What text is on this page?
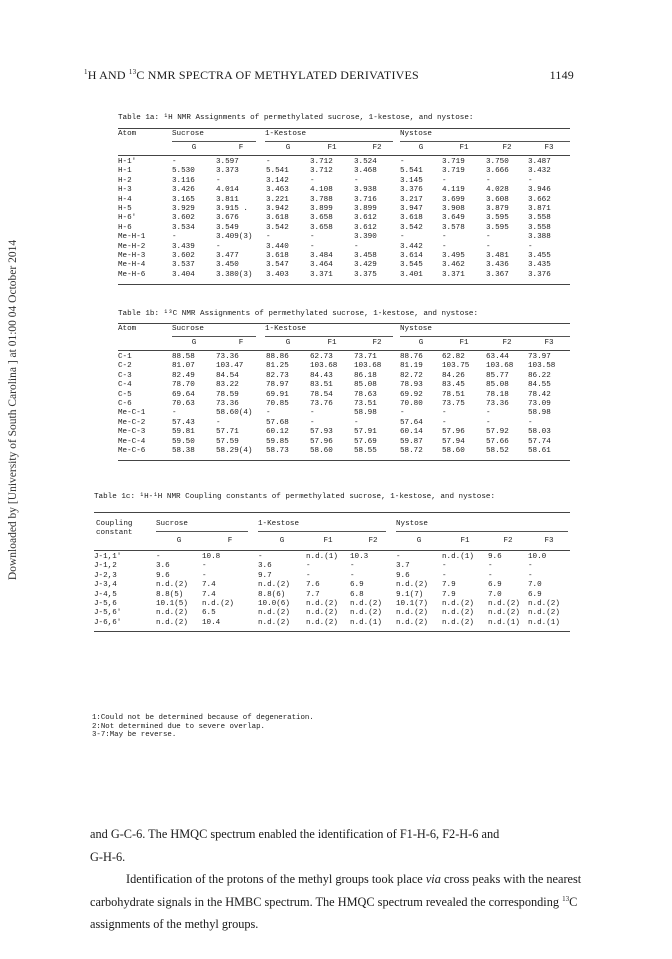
$^1$H AND $^{13}$C NMR SPECTRA OF METHYLATED DERIVATIVES	1149
Downloaded by [University of South Carolina ] at 01:00 04 October 2014
Table 1a: ¹H NMR Assignments of permethylated sucrose, 1-kestose, and nystose:
Atom	Sucrose	1-Kestose	Nystose
	G	F	G	F1	F2	G	F1	F2	F3
H-1'	-	3.597	-	3.712	3.524	-	3.719	3.750	3.487
H-1	5.530	3.373	5.541	3.712	3.468	5.541	3.719	3.666	3.432
H-2	3.116	-	3.142	-	-	3.145	-	-	-
H-3	3.426	4.014	3.463	4.108	3.938	3.376	4.119	4.028	3.946
H-4	3.165	3.811	3.221	3.788	3.716	3.217	3.699	3.608	3.662
H-5	3.929	3.915 .	3.942	3.899	3.899	3.947	3.908	3.879	3.871
H-6'	3.602	3.676	3.618	3.658	3.612	3.618	3.649	3.595	3.558
H-6	3.534	3.549	3.542	3.658	3.612	3.542	3.578	3.595	3.558
Me-H-1	-	3.409(3)	-	-	3.390	-	-	-	3.388
Me-H-2	3.439	-	3.440	-	-	3.442	-	-	-
Me-H-3	3.602	3.477	3.618	3.484	3.458	3.614	3.495	3.481	3.455
Me-H-4	3.537	3.450	3.547	3.464	3.429	3.545	3.462	3.436	3.435
Me-H-6	3.404	3.380(3)	3.403	3.371	3.375	3.401	3.371	3.367	3.376
Table 1b: ¹³C NMR Assignments of permethylated sucrose, 1-kestose, and nystose:
Atom	Sucrose	1-Kestose	Nystose
	G	F	G	F1	F2	G	F1	F2	F3
C-1	88.58	73.36	88.86	62.73	73.71	88.76	62.82	63.44	73.97
C-2	81.07	103.47	81.25	103.68	103.68	81.19	103.75	103.68	103.58
C-3	82.49	84.54	82.73	84.43	86.18	82.72	84.26	85.77	86.22
C-4	78.70	83.22	78.97	83.51	85.08	78.93	83.45	85.08	84.55
C-5	69.64	78.59	69.91	78.54	78.63	69.92	78.51	78.18	78.42
C-6	70.63	73.36	70.85	73.76	73.51	70.80	73.75	73.36	73.09
Me-C-1	-	58.60(4)	-	-	58.98	-	-	-	58.98
Me-C-2	57.43	-	57.68	-	-	57.64	-	-	-
Me-C-3	59.81	57.71	60.12	57.93	57.91	60.14	57.96	57.92	58.03
Me-C-4	59.50	57.59	59.85	57.96	57.69	59.87	57.94	57.66	57.74
Me-C-6	58.38	58.29(4)	58.73	58.60	58.55	58.72	58.60	58.52	58.61
Table 1c: ¹H-¹H NMR Coupling constants of permethylated sucrose, 1-kestose, and nystose:
Coupling
constant
Sucrose	1-Kestose	Nystose
	G	F	G	F1	F2	G	F1	F2	F3
J-1,1'	-	10.8	-	n.d.(1)	10.3	-	n.d.(1)	9.6	10.0
J-1,2	3.6	-	3.6	-	-	3.7	-	-	-
J-2,3	9.6	-	9.7	-	-	9.6	-	-	-
J-3,4	n.d.(2)	7.4	n.d.(2)	7.6	6.9	n.d.(2)	7.9	6.9	7.0
J-4,5	8.8(5)	7.4	8.8(6)	7.7	6.8	9.1(7)	7.9	7.0	6.9
J-5,6	10.1(5)	n.d.(2)	10.0(6)	n.d.(2)	n.d.(2)	10.1(7)	n.d.(2)	n.d.(2)	n.d.(2)
J-5,6'	n.d.(2)	6.5	n.d.(2)	n.d.(2)	n.d.(2)	n.d.(2)	n.d.(2)	n.d.(2)	n.d.(2)
J-6,6'	n.d.(2)	10.4	n.d.(2)	n.d.(2)	n.d.(1)	n.d.(2)	n.d.(2)	n.d.(1)	n.d.(1)
1:Could not be determined because of degeneration.
2:Not determined due to severe overlap.
3-7:May be reverse.

and G-C-6. The HMQC spectrum enabled the identification of F1-H-6, F2-H-6 and

G-H-6.

Identification of the protons of the methyl groups took place via cross peaks with the nearest carbohydrate signals in the HMBC spectrum. The HMQC spectrum revealed the corresponding $^{13}$C assignments of the methyl groups.
